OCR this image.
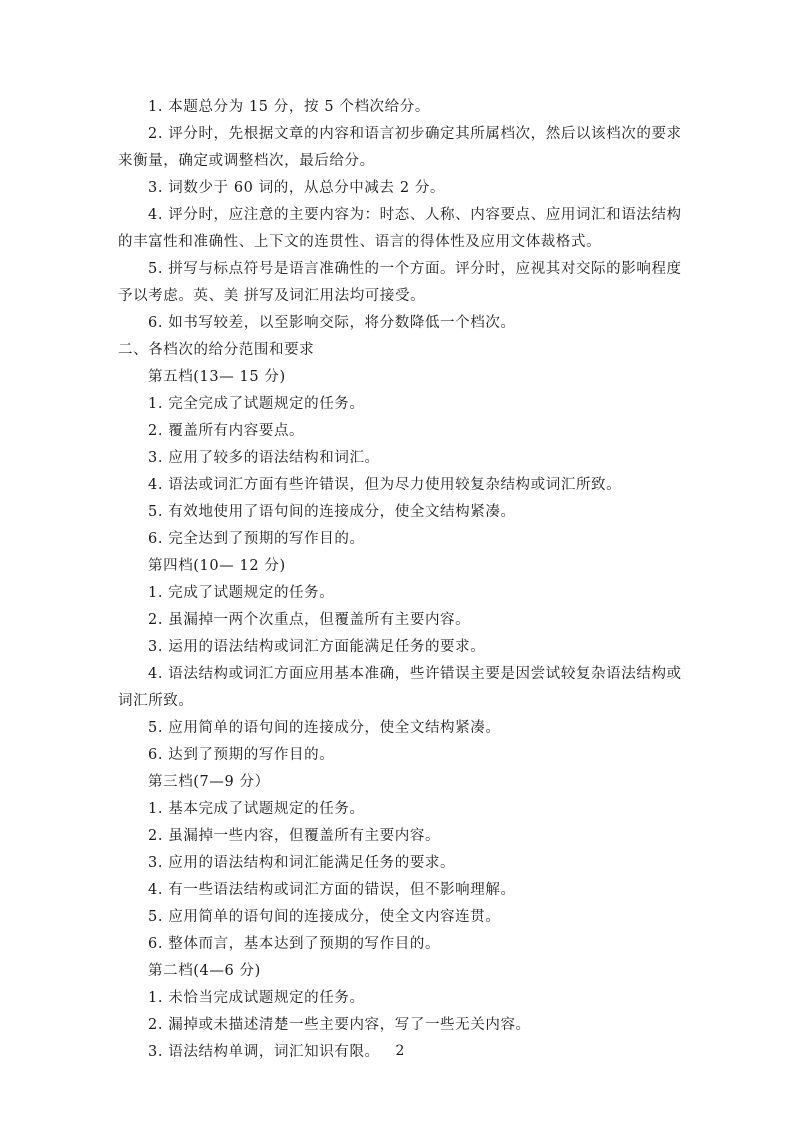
1. 本题总分为 15 分，按 5 个档次给分。

2. 评分时，先根据文章的内容和语言初步确定其所属档次，然后以该档次的要求来衡量，确定或调整档次，最后给分。

3. 词数少于 60 词的，从总分中减去 2 分。

4. 评分时，应注意的主要内容为：时态、人称、内容要点、应用词汇和语法结构的丰富性和准确性、上下文的连贯性、语言的得体性及应用文体裁格式。

5. 拼写与标点符号是语言准确性的一个方面。评分时，应视其对交际的影响程度予以考虑。英、美 拼写及词汇用法均可接受。

6. 如书写较差，以至影响交际，将分数降低一个档次。

二、各档次的给分范围和要求

第五档(13— 15 分)

1. 完全完成了试题规定的任务。

2. 覆盖所有内容要点。

3. 应用了较多的语法结构和词汇。

4. 语法或词汇方面有些许错误，但为尽力使用较复杂结构或词汇所致。

5. 有效地使用了语句间的连接成分，使全文结构紧凑。

6. 完全达到了预期的写作目的。

第四档(10— 12 分)

1. 完成了试题规定的任务。

2. 虽漏掉一两个次重点，但覆盖所有主要内容。

3. 运用的语法结构或词汇方面能满足任务的要求。

4. 语法结构或词汇方面应用基本准确，些许错误主要是因尝试较复杂语法结构或词汇所致。

5. 应用简单的语句间的连接成分，使全文结构紧凑。

6. 达到了预期的写作目的。

第三档(7—9 分）

1. 基本完成了试题规定的任务。

2. 虽漏掉一些内容，但覆盖所有主要内容。

3. 应用的语法结构和词汇能满足任务的要求。

4. 有一些语法结构或词汇方面的错误，但不影响理解。

5. 应用简单的语句间的连接成分，使全文内容连贯。

6. 整体而言，基本达到了预期的写作目的。

第二档(4—6 分)

1. 未恰当完成试题规定的任务。

2. 漏掉或未描述清楚一些主要内容，写了一些无关内容。

3. 语法结构单调，词汇知识有限。	2
